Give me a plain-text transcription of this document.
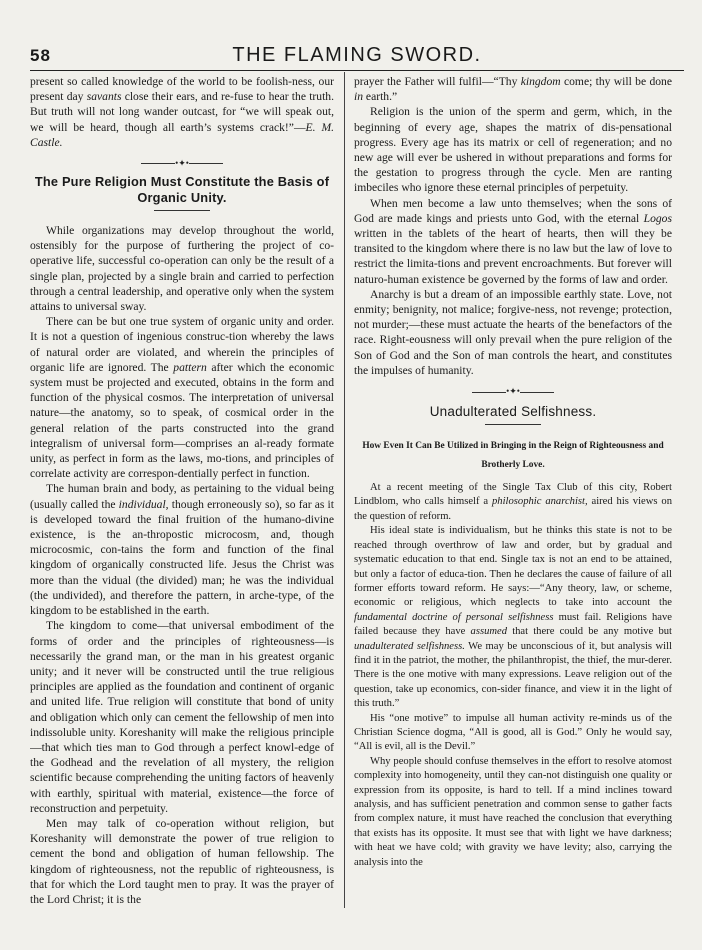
58	THE FLAMING SWORD.

present so called knowledge of the world to be foolish-ness, our present day savants close their ears, and re-fuse to hear the truth. But truth will not long wander outcast, for “we will speak out, we will be heard, though all earth’s systems crack!”—E. M. Castle.

•✦•
The Pure Religion Must Constitute the Basis of Organic Unity.

While organizations may develop throughout the world, ostensibly for the purpose of furthering the project of co-operative life, successful co-operation can only be the result of a single plan, projected by a single brain and carried to perfection through a central leadership, and operative only when the system attains to universal sway.

There can be but one true system of organic unity and order. It is not a question of ingenious construc-tion whereby the laws of natural order are violated, and wherein the principles of organic life are ignored. The pattern after which the economic system must be projected and executed, obtains in the form and function of the physical cosmos. The interpretation of universal nature—the anatomy, so to speak, of cosmical order in the general relation of the parts constructed into the grand integralism of universal form—comprises an al-ready formate unity, as perfect in form as the laws, mo-tions, and principles of correlate activity are correspon-dentially perfect in function.

The human brain and body, as pertaining to the vidual being (usually called the individual, though erroneously so), so far as it is developed toward the final fruition of the humano-divine existence, is the an-thropostic microcosm, and, though microcosmic, con-tains the form and function of the final kingdom of organically constructed life. Jesus the Christ was more than the vidual (the divided) man; he was the individual (the undivided), and therefore the pattern, in arche-type, of the kingdom to be established in the earth.

The kingdom to come—that universal embodiment of the forms of order and the principles of righteousness—is necessarily the grand man, or the man in his greatest organic unity; and it never will be constructed until the true religious principles are applied as the foundation and continent of organic and united life. True religion will constitute that bond of unity and obligation which only can cement the fellowship of men into indissoluble unity. Koreshanity will make the religious principle —that which ties man to God through a perfect knowl-edge of the Godhead and the revelation of all mystery, the religion scientific because comprehending the uniting factors of heavenly with earthly, spiritual with material, existence—the force of reconstruction and perpetuity.

Men may talk of co-operation without religion, but Koreshanity will demonstrate the power of true religion to cement the bond and obligation of human fellowship. The kingdom of righteousness, not the republic of righteousness, is that for which the Lord taught men to pray. It was the prayer of the Lord Christ; it is the

prayer the Father will fulfil—“Thy kingdom come; thy will be done in earth.”

Religion is the union of the sperm and germ, which, in the beginning of every age, shapes the matrix of dis-pensational progress. Every age has its matrix or cell of regeneration; and no new age will ever be ushered in without preparations and forms for the gestation to progress through the cycle. Men are ranting imbeciles who ignore these eternal principles of perpetuity.

When men become a law unto themselves; when the sons of God are made kings and priests unto God, with the eternal Logos written in the tablets of the heart of hearts, then will they be transited to the kingdom where there is no law but the law of love to restrict the limita-tions and prevent encroachments. But forever will naturo-human existence be governed by the forms of law and order.

Anarchy is but a dream of an impossible earthly state. Love, not enmity; benignity, not malice; forgive-ness, not revenge; protection, not murder;—these must actuate the hearts of the benefactors of the race. Right-eousness will only prevail when the pure religion of the Son of God and the Son of man controls the heart, and constitutes the impulses of humanity.

•✦•
Unadulterated Selfishness.
How Even It Can Be Utilized in Bringing in the Reign of Righteousness and Brotherly Love.

At a recent meeting of the Single Tax Club of this city, Robert Lindblom, who calls himself a philosophic anarchist, aired his views on the question of reform.

His ideal state is individualism, but he thinks this state is not to be reached through overthrow of law and order, but by gradual and systematic education to that end. Single tax is not an end to be attained, but only a factor of educa-tion. Then he declares the cause of failure of all former efforts toward reform. He says:—“Any theory, law, or scheme, economic or religious, which neglects to take into account the fundamental doctrine of personal selfishness must fail. Religions have failed because they have assumed that there could be any motive but unadulterated selfishness. We may be unconscious of it, but analysis will find it in the patriot, the mother, the philanthropist, the thief, the mur-derer. There is the one motive with many expressions. Leave religion out of the question, take up economics, con-sider finance, and view it in the light of this truth.”

His “one motive” to impulse all human activity re-minds us of the Christian Science dogma, “All is good, all is God.” Only he would say, “All is evil, all is the Devil.”

Why people should confuse themselves in the effort to resolve atomost complexity into homogeneity, until they can-not distinguish one quality or expression from its opposite, is hard to tell. If a mind inclines toward analysis, and has sufficient penetration and common sense to gather facts from complex nature, it must have reached the conclusion that everything that exists has its opposite. It must see that with light we have darkness; with heat we have cold; with gravity we have levity; also, carrying the analysis into the
